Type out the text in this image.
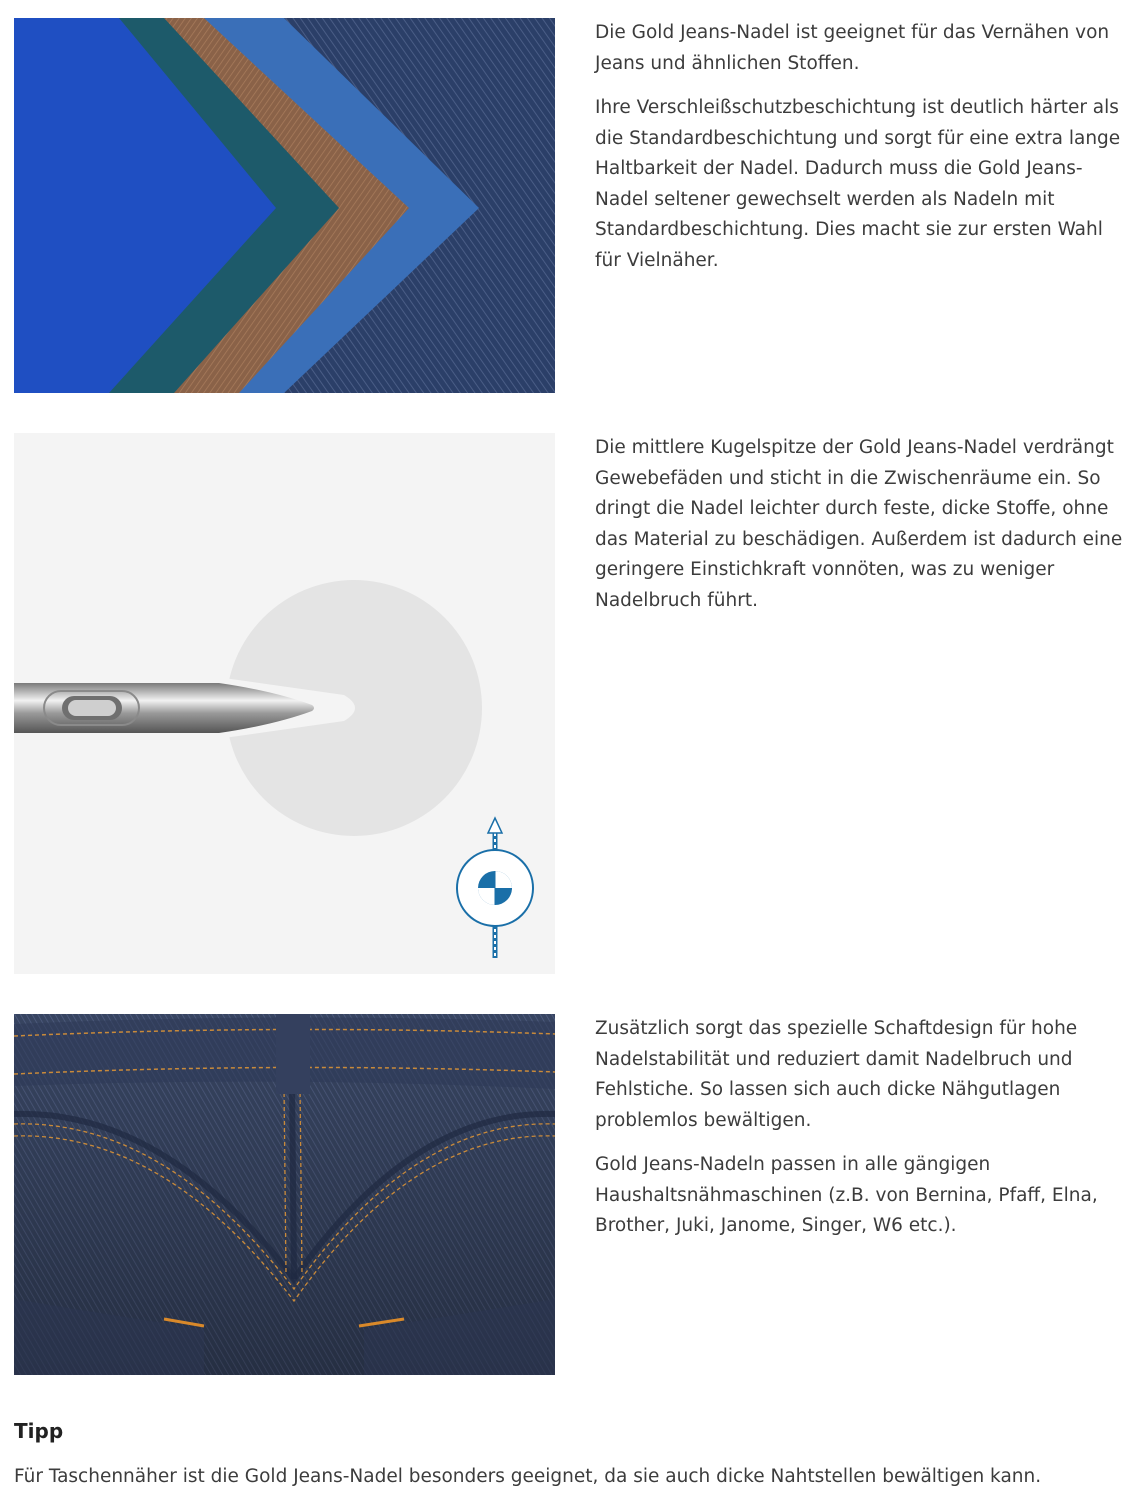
Die Gold Jeans-Nadel ist geeignet für das Vernähen von Jeans und ähnlichen Stoffen.

Ihre Verschleißschutzbeschichtung ist deutlich härter als die Standardbeschichtung und sorgt für eine extra lange Haltbarkeit der Nadel. Dadurch muss die Gold Jeans-Nadel seltener gewechselt werden als Nadeln mit Standardbeschichtung. Dies macht sie zur ersten Wahl für Vielnäher.

Die mittlere Kugelspitze der Gold Jeans-Nadel verdrängt Gewebefäden und sticht in die Zwischenräume ein. So dringt die Nadel leichter durch feste, dicke Stoffe, ohne das Material zu beschädigen. Außerdem ist dadurch eine geringere Einstichkraft vonnöten, was zu weniger Nadelbruch führt.

Zusätzlich sorgt das spezielle Schaftdesign für hohe Nadelstabilität und reduziert damit Nadelbruch und Fehlstiche. So lassen sich auch dicke Nähgutlagen problemlos bewältigen.

Gold Jeans-Nadeln passen in alle gängigen Haushaltsnähmaschinen (z.B. von Bernina, Pfaff, Elna, Brother, Juki, Janome, Singer, W6 etc.).

Tipp

Für Taschennäher ist die Gold Jeans-Nadel besonders geeignet, da sie auch dicke Nahtstellen bewältigen kann.
